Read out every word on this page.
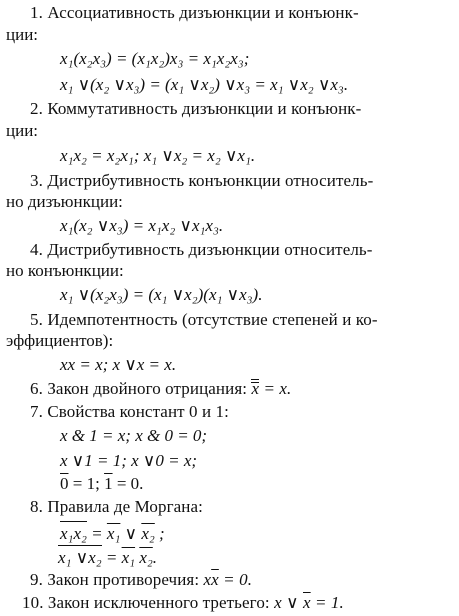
1. Ассоциативность дизъюнкции и конъюнк-
ции:
x₁(x₂x₃) = (x₁x₂)x₃ = x₁x₂x₃;
x₁ ∨(x₂ ∨x₃) = (x₁ ∨x₂) ∨x₃ = x₁ ∨x₂ ∨x₃.
2. Коммутативность дизъюнкции и конъюнк-
ции:
x₁x₂ = x₂x₁; x₁ ∨x₂ = x₂ ∨x₁.
3. Дистрибутивность конъюнкции относитель-
но дизъюнкции:
x₁(x₂ ∨x₃) = x₁x₂ ∨x₁x₃.
4. Дистрибутивность дизъюнкции относитель-
но конъюнкции:
x₁ ∨(x₂x₃) = (x₁ ∨x₂)(x₁ ∨x₃).
5. Идемпотентность (отсутствие степеней и ко-
эффициентов):
xx = x; x ∨x = x.
6. Закон двойного отрицания: x = x.
7. Свойства констант 0 и 1:
x & 1 = x; x & 0 = 0;
x ∨1 = 1; x ∨0 = x;
0 = 1; 1 = 0.
8. Правила де Моргана:
x₁x₂ = x₁ ∨ x₂ ;
x₁ ∨x₂ = x₁ x₂.
9. Закон противоречия: $x\overline{x} = 0$.
10. Закон исключенного третьего: x ∨ $\overline{x} = 1$.
